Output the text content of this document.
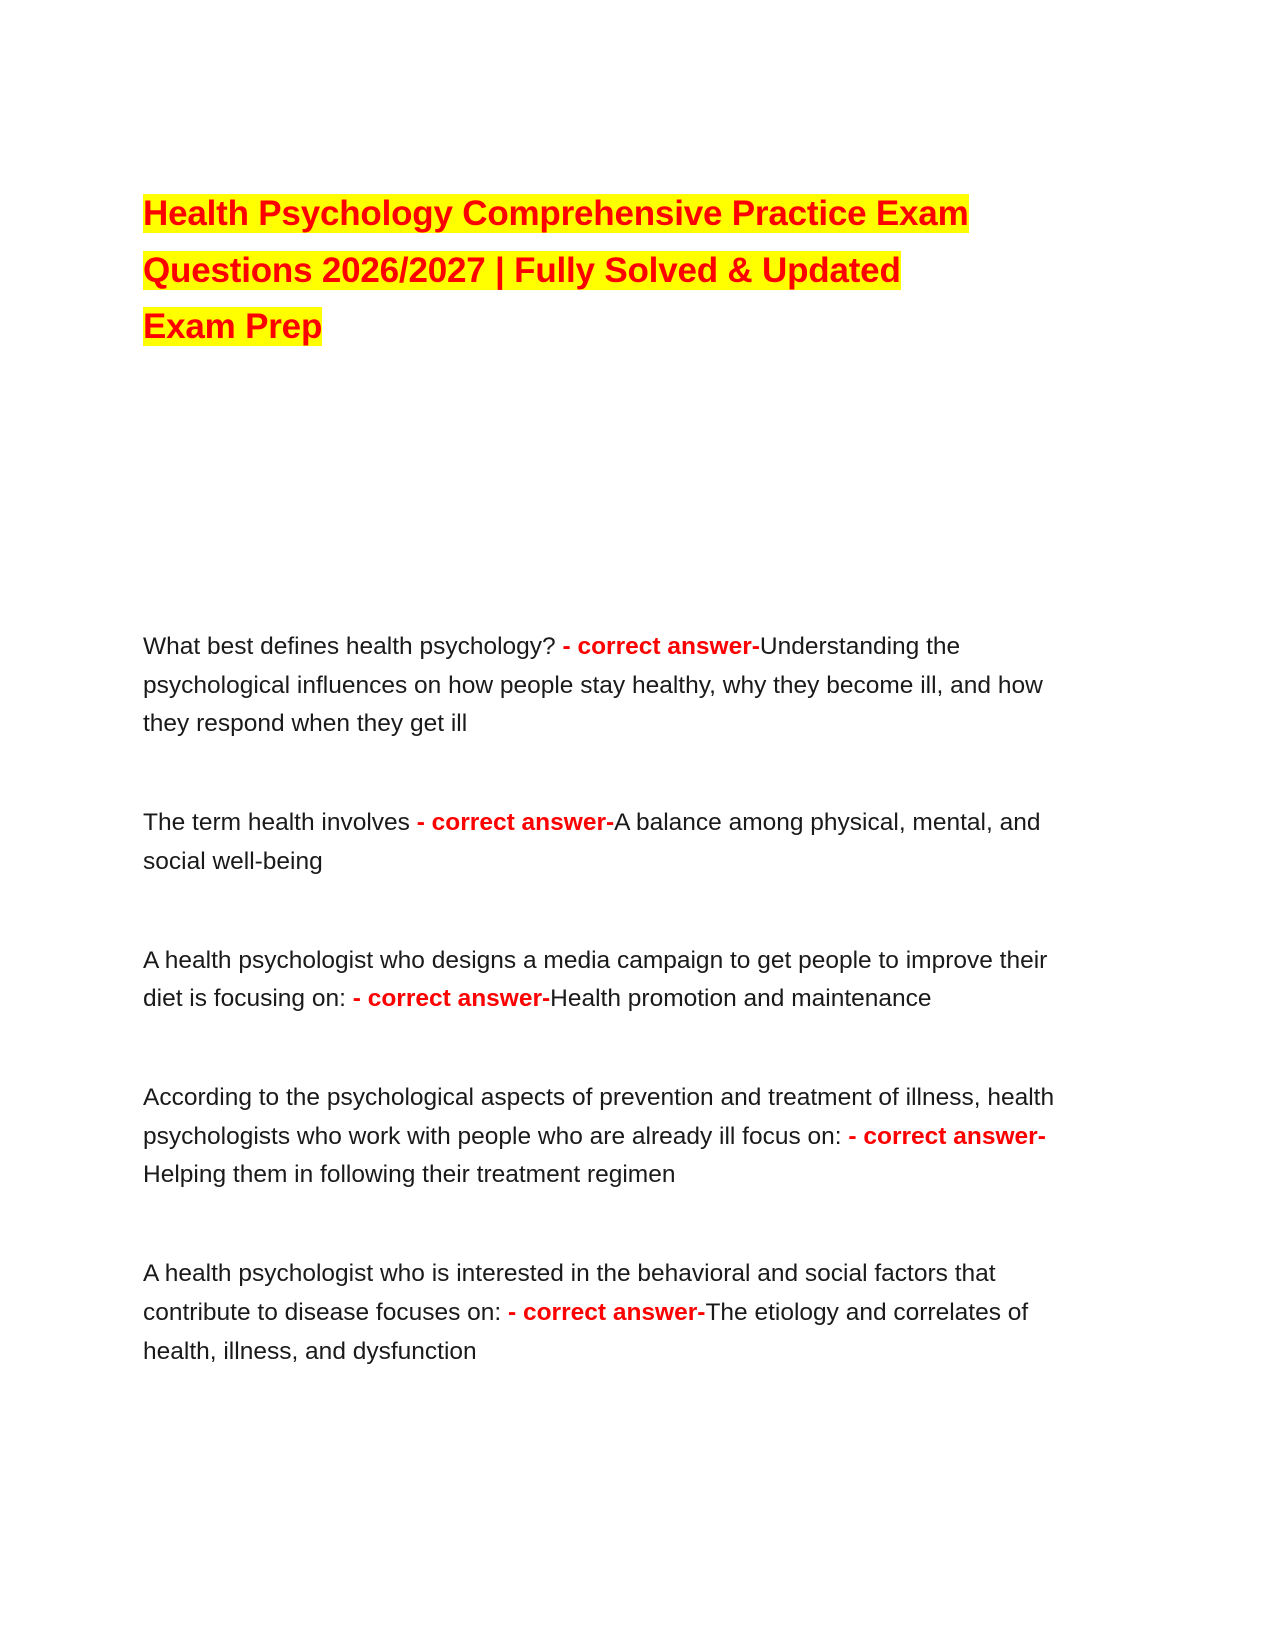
Health Psychology Comprehensive Practice Exam
Questions 2026/2027 | Fully Solved & Updated
Exam Prep

What best defines health psychology? - correct answer-Understanding the psychological influences on how people stay healthy, why they become ill, and how they respond when they get ill

The term health involves - correct answer-A balance among physical, mental, and social well-being

A health psychologist who designs a media campaign to get people to improve their diet is focusing on: - correct answer-Health promotion and maintenance

According to the psychological aspects of prevention and treatment of illness, health psychologists who work with people who are already ill focus on: - correct answer-Helping them in following their treatment regimen

A health psychologist who is interested in the behavioral and social factors that contribute to disease focuses on: - correct answer-The etiology and correlates of health, illness, and dysfunction
